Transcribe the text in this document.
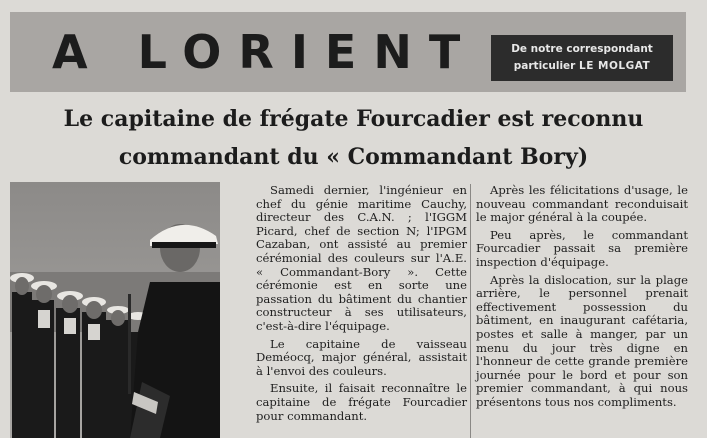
A LORIENT	De notre correspondant
particulier LE MOLGAT
Le capitaine de frégate Fourcadier est reconnu
commandant du « Commandant Bory)

Samedi dernier, l'ingénieur en chef du génie maritime Cauchy, directeur des C.A.N. ; l'IGGM Picard, chef de section N; l'IPGM Cazaban, ont assisté au premier cérémonial des couleurs sur l'A.E. « Commandant-Bory ». Cette cérémonie est en sorte une passation du bâtiment du chantier constructeur à ses utilisateurs, c'est-à-dire l'équipage.

Le capitaine de vaisseau Deméocq, major général, assistait à l'envoi des couleurs.

Ensuite, il faisait reconnaître le capitaine de frégate Fourcadier pour commandant.

Après les félicitations d'usage, le nouveau commandant reconduisait le major général à la coupée.

Peu après, le commandant Fourcadier passait sa première inspection d'équipage.

Après la dislocation, sur la plage arrière, le personnel prenait effectivement possession du bâtiment, en inaugurant cafétaria, postes et salle à manger, par un menu du jour très digne en l'honneur de cette grande première journée pour le bord et pour son premier commandant, à qui nous présentons tous nos compliments.
